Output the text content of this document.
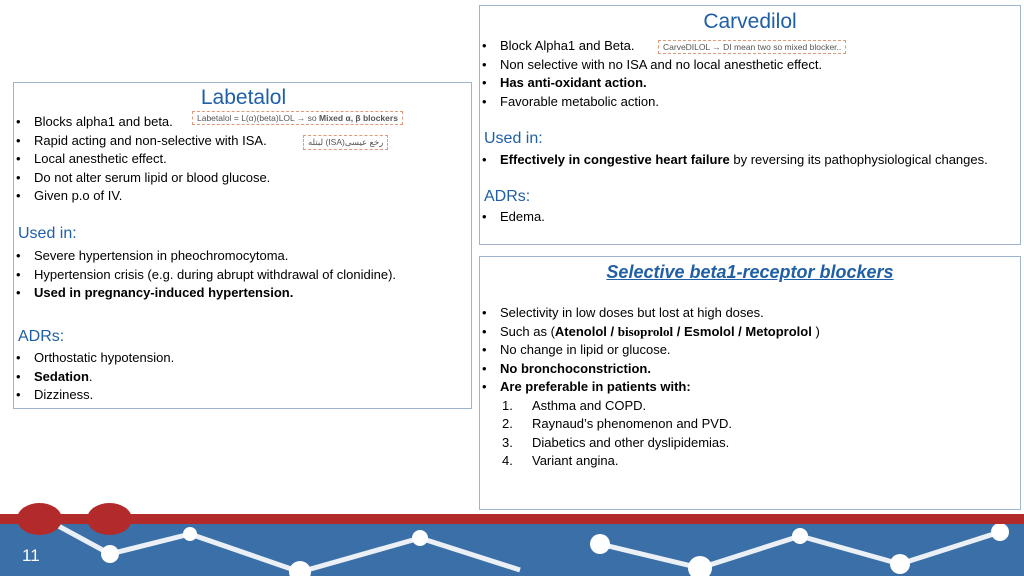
Carvedilol
• Block Alpha1 and Beta.
• Non selective with no ISA and no local anesthetic effect.
• Has anti-oxidant action.
• Favorable metabolic action.
Used in:
• Effectively in congestive heart failure by reversing its pathophysiological changes.
ADRs:
• Edema.
CarveDILOL → DI mean two so mixed blocker..
Labetalol
• Blocks alpha1 and beta.
• Rapid acting and non-selective with ISA.
• Local anesthetic effect.
• Do not alter serum lipid or blood glucose.
• Given p.o of IV.
Used in:
• Severe hypertension in pheochromocytoma.
• Hypertension crisis (e.g. during abrupt withdrawal of clonidine).
• Used in pregnancy-induced hypertension.
ADRs:
• Orthostatic hypotension.
• Sedation.
• Dizziness.
Labetalol = L(α)(beta)LOL → so Mixed α, β blockers
لبتله (ISA)رخع عيسى
Selective beta1-receptor blockers
• Selectivity in low doses but lost at high doses.
• Such as (Atenolol / bisoprolol / Esmolol / Metoprolol )
• No change in lipid or glucose.
• No bronchoconstriction.
• Are preferable in patients with:
1. Asthma and COPD.
2. Raynaud’s phenomenon and PVD.
3. Diabetics and other dyslipidemias.
4. Variant angina.
11
